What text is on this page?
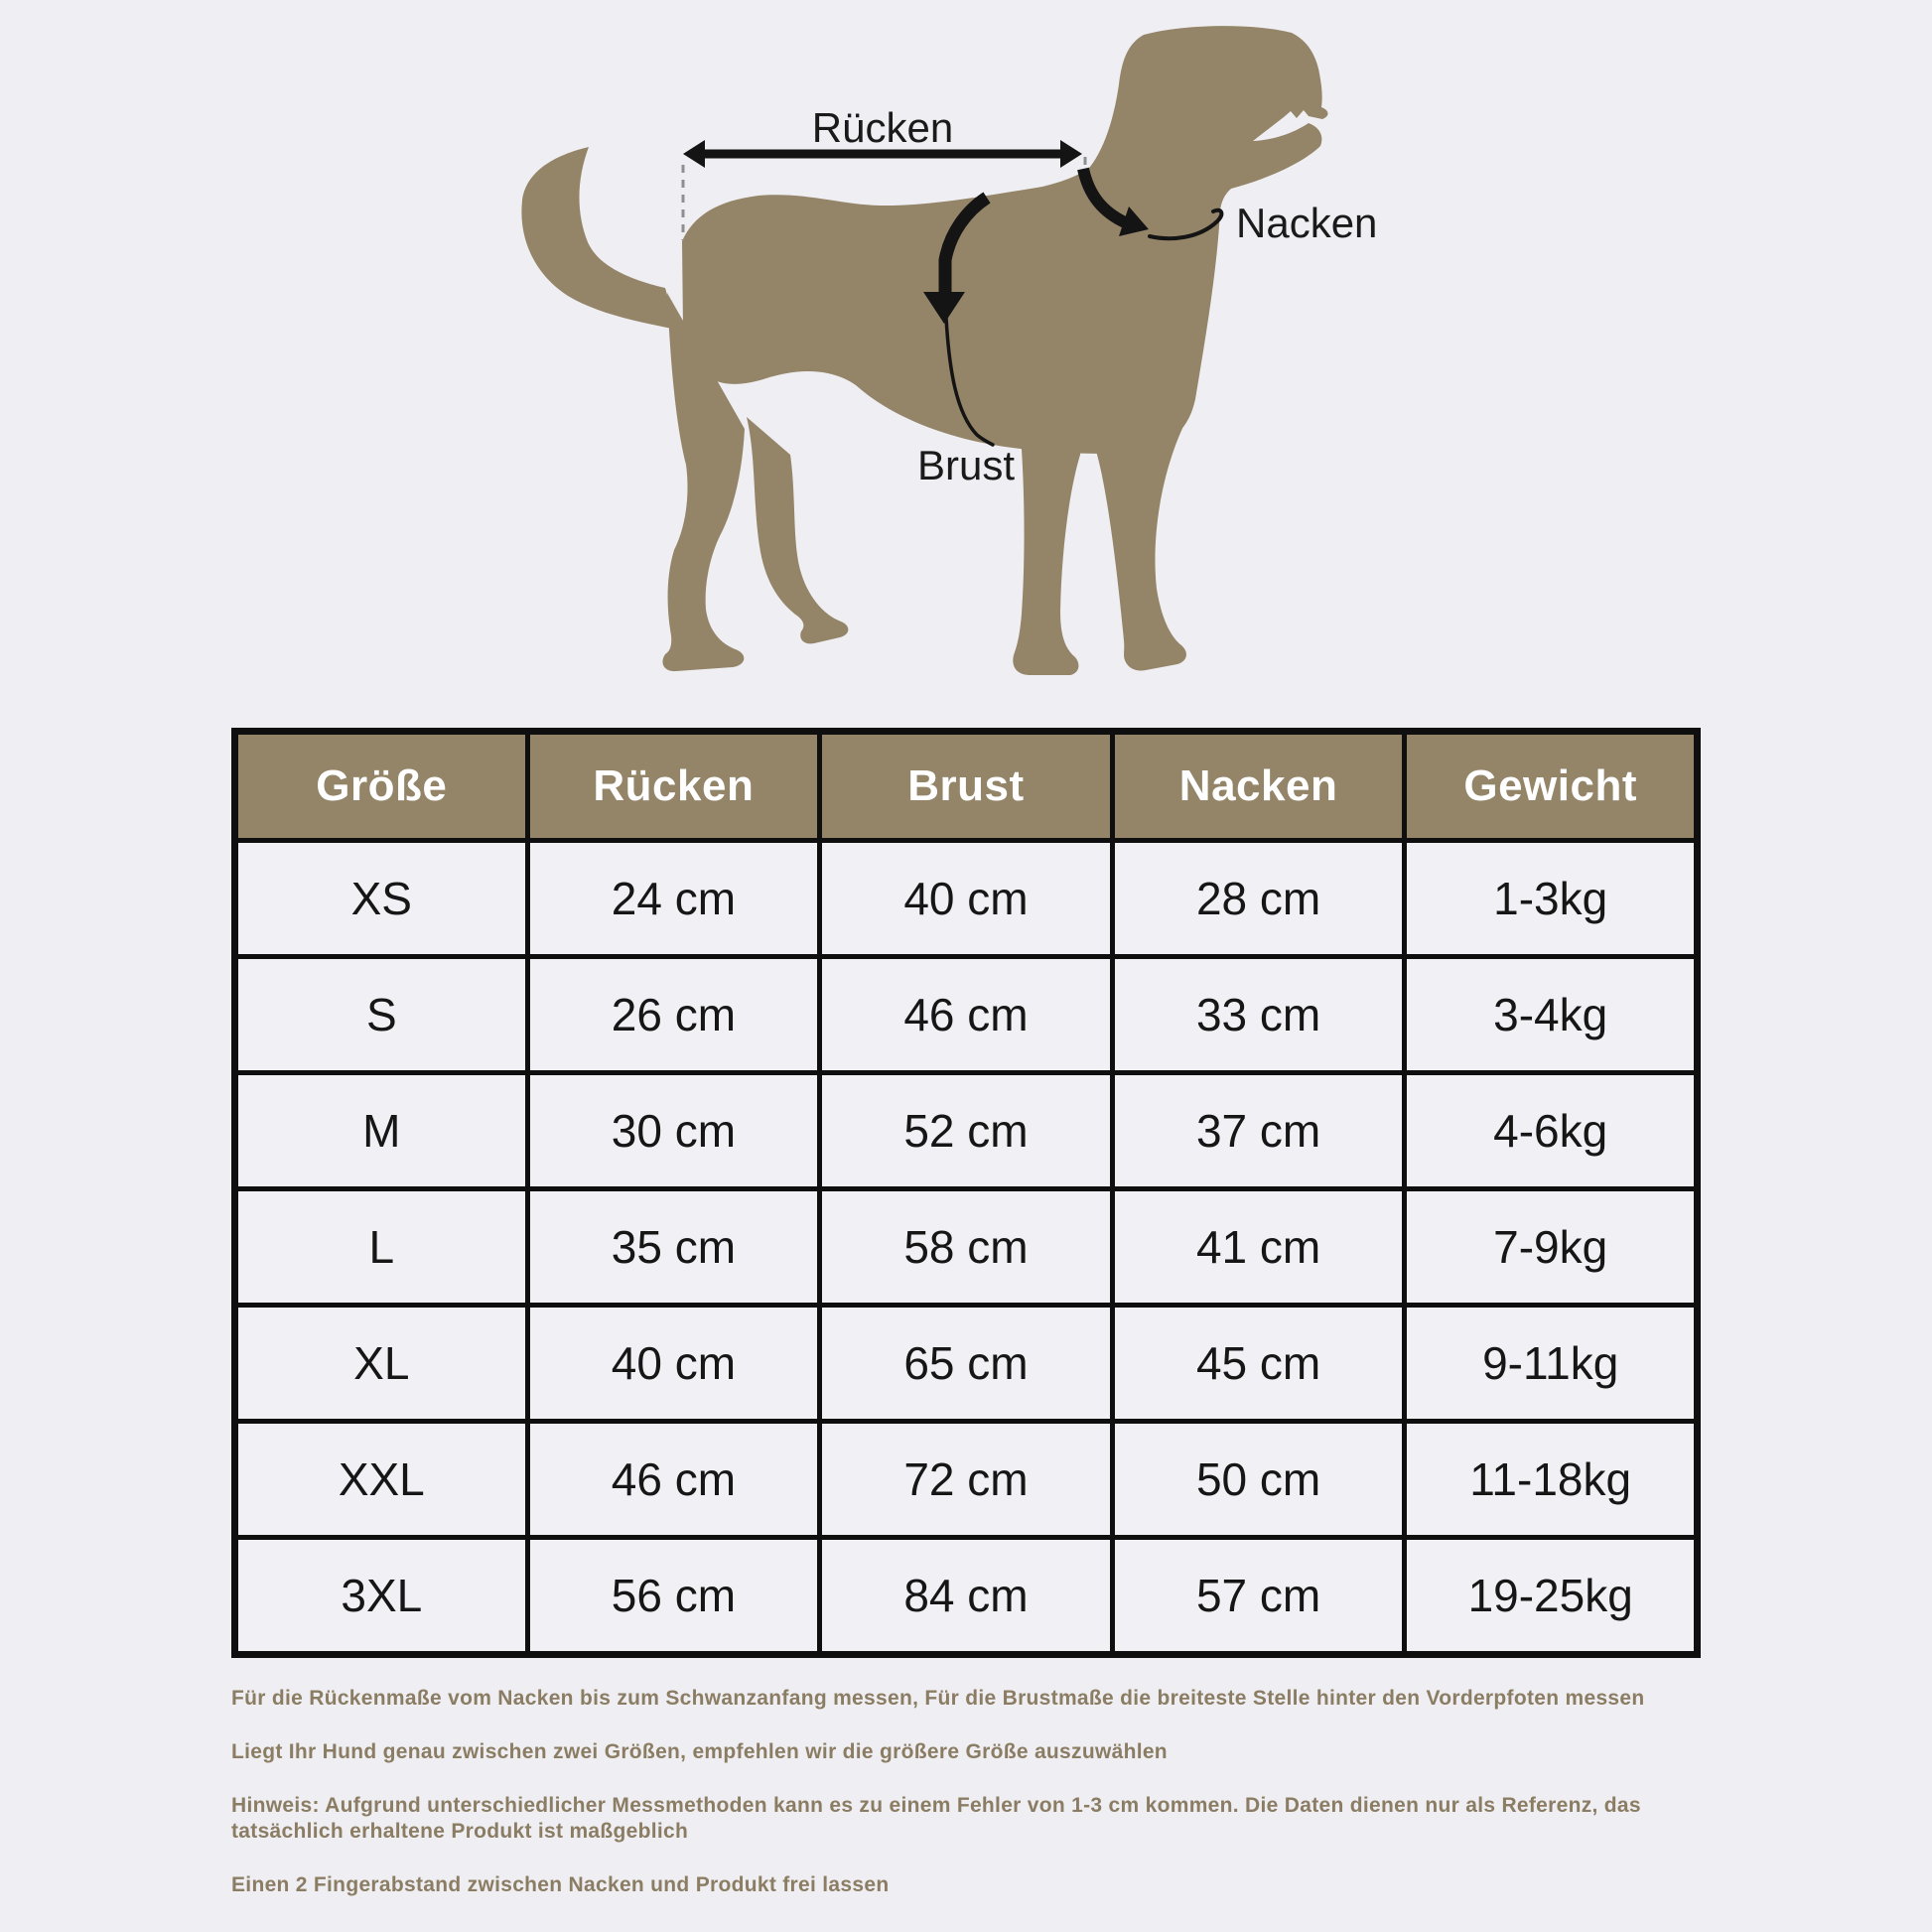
Rücken
Nacken
Brust
Größe	Rücken	Brust	Nacken	Gewicht
XS	24 cm	40 cm	28 cm	1-3kg
S	26 cm	46 cm	33 cm	3-4kg
M	30 cm	52 cm	37 cm	4-6kg
L	35 cm	58 cm	41 cm	7-9kg
XL	40 cm	65 cm	45 cm	9-11kg
XXL	46 cm	72 cm	50 cm	11-18kg
3XL	56 cm	84 cm	57 cm	19-25kg

Für die Rückenmaße vom Nacken bis zum Schwanzanfang messen, Für die Brustmaße die breiteste Stelle hinter den Vorderpfoten messen

Liegt Ihr Hund genau zwischen zwei Größen, empfehlen wir die größere Größe auszuwählen

Hinweis: Aufgrund unterschiedlicher Messmethoden kann es zu einem Fehler von 1-3 cm kommen. Die Daten dienen nur als Referenz, das tatsächlich erhaltene Produkt ist maßgeblich

Einen 2 Fingerabstand zwischen Nacken und Produkt frei lassen
